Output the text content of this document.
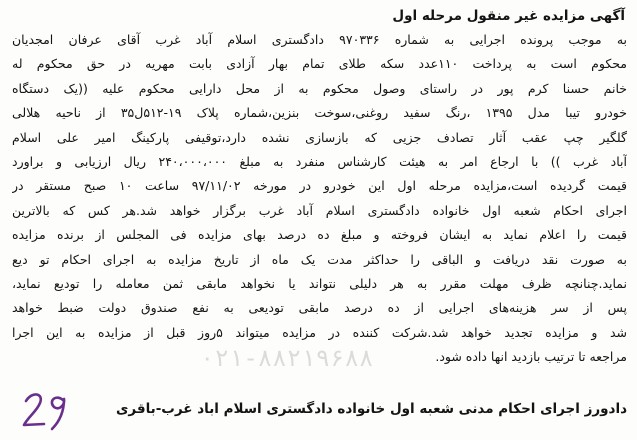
آگهی مزایده غیر منقول مرحله اول
به موجب پرونده اجرایی به شماره ۹۷۰۳۳۶ دادگستری اسلام آباد غرب آقای عرفان امجدیان
محکوم است به پرداخت ۱۱۰عدد سکه طلای تمام بهار آزادی بابت مهریه در حق محکوم له
خانم حسنا کرم پور در راستای وصول محکوم به از محل دارایی محکوم علیه ((یک دستگاه
خودرو تیبا مدل ۱۳۹۵ ،رنگ سفید روغنی،سوخت بنزین،شماره پلاک ۱۹-۵۱۲ل۳۵ از ناحیه هلالی
گلگیر چپ عقب آثار تصادف جزیی که بازسازی نشده دارد،توقیفی پارکینگ امیر علی اسلام
آباد غرب )) با ارجاع امر به هیئت کارشناس منفرد به مبلغ ۲۴۰،۰۰۰،۰۰۰ ریال ارزیابی و براورد
قیمت گردیده است،مزایده مرحله اول این خودرو در مورخه ۹۷/۱۱/۰۲ ساعت ۱۰ صبح مستقر در
اجرای احکام شعبه اول خانواده دادگستری اسلام آباد غرب برگزار خواهد شد.هر کس که بالاترین
قیمت را اعلام نماید به ایشان فروخته و مبلغ ده درصد بهای مزایده فی المجلس از برنده مزایده
به صورت نقد دریافت و الباقی را حداکثر مدت یک ماه از تاریخ مزایده به اجرای احکام تو دیع
نماید.چنانچه ظرف مهلت مقرر به هر دلیلی نتواند یا نخواهد مابقی ثمن معامله را تودیع نماید،
پس از سر هزینه‌های اجرایی از ده درصد مابقی تودیعی به نفع صندوق دولت ضبط خواهد
شد و مزایده تجدید خواهد شد.شرکت کننده در مزایده میتواند ۵روز قبل از مزایده به این اجرا
مراجعه تا ترتیب بازدید انها داده شود.
۰۲۱-۸۸۲۱۹۶۸۸
دادورز اجرای احکام مدنی شعبه اول خانواده دادگستری اسلام اباد غرب-باقری
